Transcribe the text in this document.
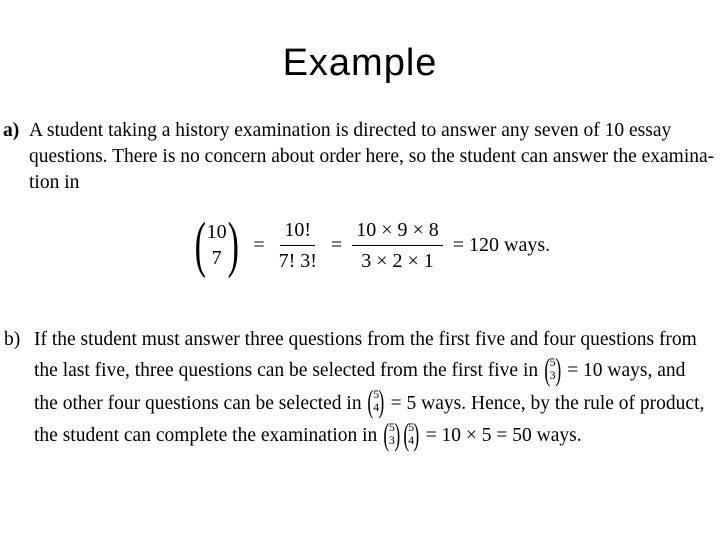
Example
a) A student taking a history examination is directed to answer any seven of 10 essay
questions. There is no concern about order here, so the student can answer the examina-
tion in
( 10
7 ) = $\frac{10!}{7! 3!} = \frac{10 \times 9 \times 8}{3 \times 2 \times 1} = 120$ ways.
b) If the student must answer three questions from the first five and four questions from
the last five, three questions can be selected from the first five in ( 5
3 ) = 10 ways, and
the other four questions can be selected in ( 5
4 ) = 5 ways. Hence, by the rule of product,
the student can complete the examination in ( 5
3 ) ( 5
4 ) = 10 × 5 = 50 ways.
